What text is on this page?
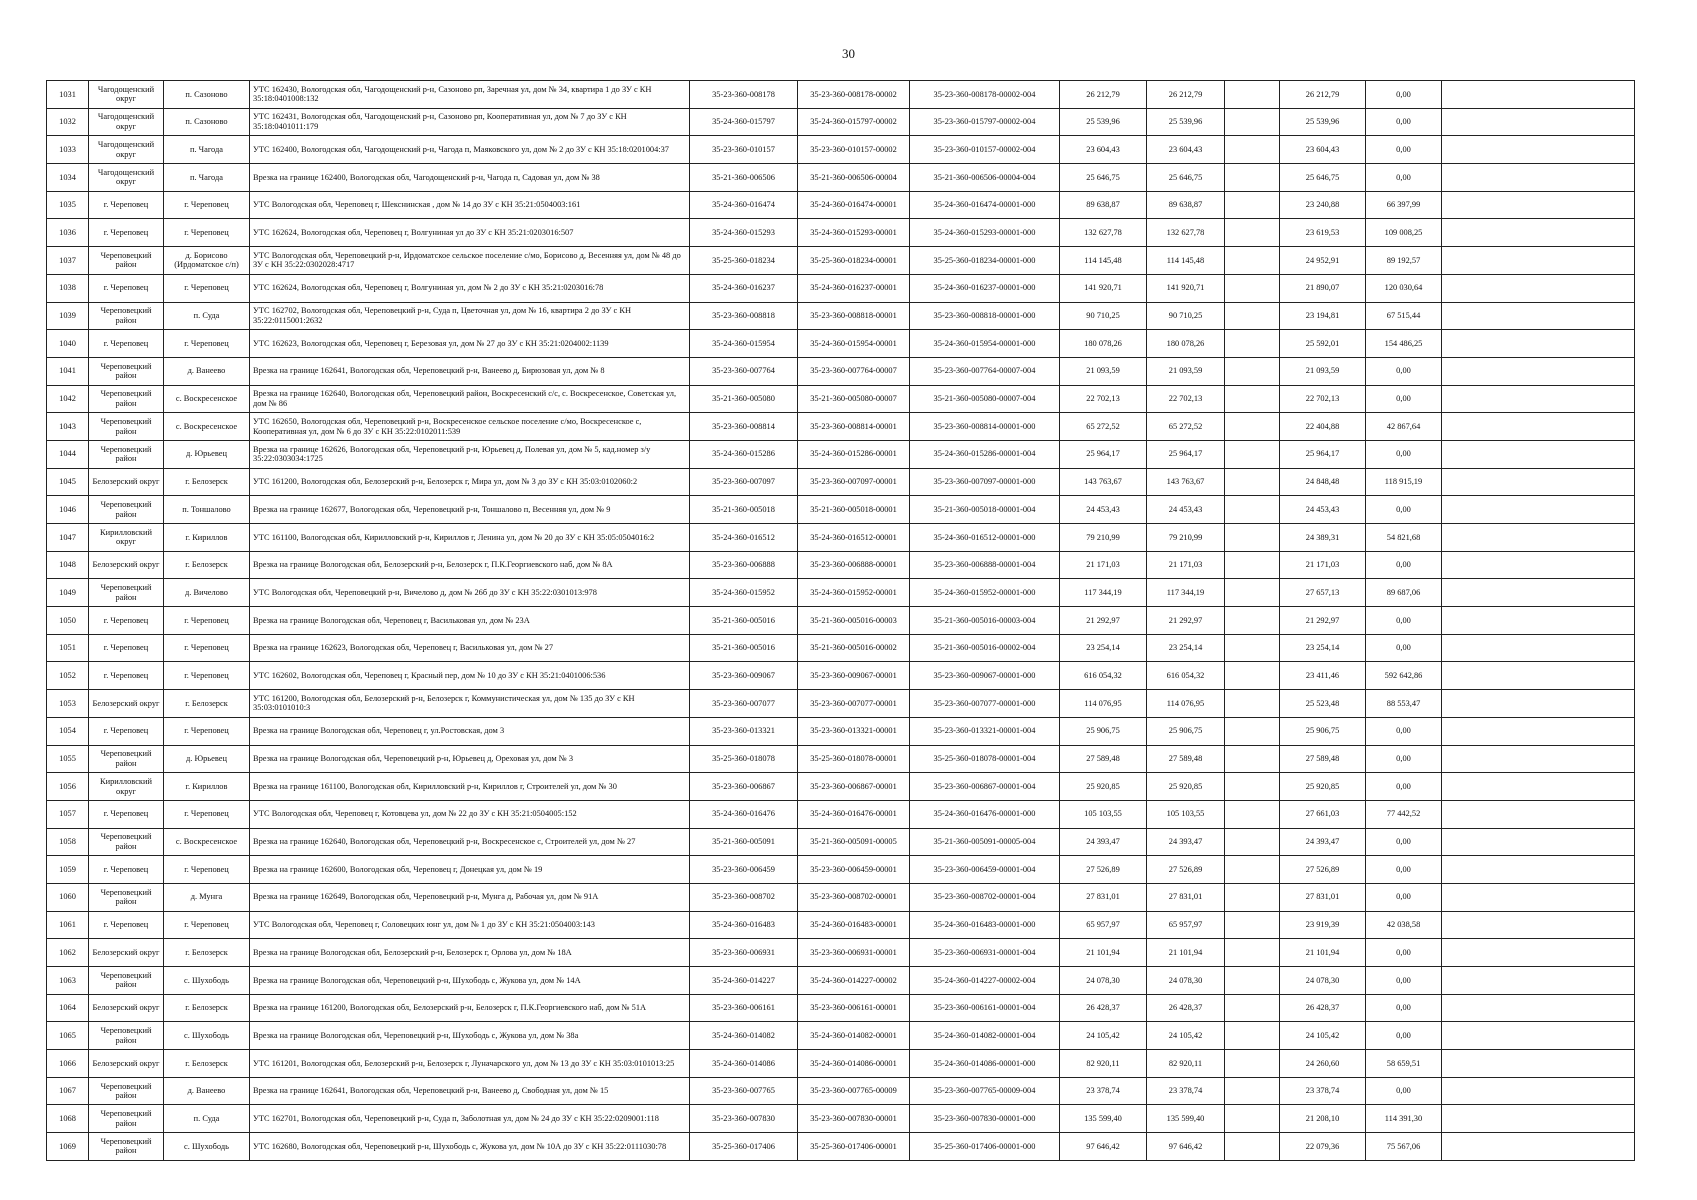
30
1031	Чагодощенский округ	п. Сазоново	УТС 162430, Вологодская обл, Чагодощенский р-н, Сазоново рп, Заречная ул, дом № 34, квартира 1 до ЗУ с КН 35:18:0401008:132	35-23-360-008178	35-23-360-008178-00002	35-23-360-008178-00002-004	26 212,79	26 212,79		26 212,79	0,00	
1032	Чагодощенский округ	п. Сазоново	УТС 162431, Вологодская обл, Чагодощенский р-н, Сазоново рп, Кооперативная ул, дом № 7 до ЗУ с КН 35:18:0401011:179	35-24-360-015797	35-24-360-015797-00002	35-23-360-015797-00002-004	25 539,96	25 539,96		25 539,96	0,00	
1033	Чагодощенский округ	п. Чагода	УТС 162400, Вологодская обл, Чагодощенский р-н, Чагода п, Маяковского ул, дом № 2 до ЗУ с КН 35:18:0201004:37	35-23-360-010157	35-23-360-010157-00002	35-23-360-010157-00002-004	23 604,43	23 604,43		23 604,43	0,00	
1034	Чагодощенский округ	п. Чагода	Врезка на границе 162400, Вологодская обл, Чагодощенский р-н, Чагода п, Садовая ул, дом № 38	35-21-360-006506	35-21-360-006506-00004	35-21-360-006506-00004-004	25 646,75	25 646,75		25 646,75	0,00	
1035	г. Череповец	г. Череповец	УТС Вологодская обл, Череповец г, Шекснинская , дом № 14 до ЗУ с КН 35:21:0504003:161	35-24-360-016474	35-24-360-016474-00001	35-24-360-016474-00001-000	89 638,87	89 638,87		23 240,88	66 397,99	
1036	г. Череповец	г. Череповец	УТС 162624, Вологодская обл, Череповец г, Волгуниная ул до ЗУ с КН 35:21:0203016:507	35-24-360-015293	35-24-360-015293-00001	35-24-360-015293-00001-000	132 627,78	132 627,78		23 619,53	109 008,25	
1037	Череповецкий район	д. Борисово (Ирдоматское с/п)	УТС Вологодская обл, Череповецкий р-н, Ирдоматское сельское поселение с/мо, Борисово д, Весенняя ул, дом № 48 до ЗУ с КН 35:22:0302028:4717	35-25-360-018234	35-25-360-018234-00001	35-25-360-018234-00001-000	114 145,48	114 145,48		24 952,91	89 192,57	
1038	г. Череповец	г. Череповец	УТС 162624, Вологодская обл, Череповец г, Волгуниная ул, дом № 2 до ЗУ с КН 35:21:0203016:78	35-24-360-016237	35-24-360-016237-00001	35-24-360-016237-00001-000	141 920,71	141 920,71		21 890,07	120 030,64	
1039	Череповецкий район	п. Суда	УТС 162702, Вологодская обл, Череповецкий р-н, Суда п, Цветочная ул, дом № 16, квартира 2 до ЗУ с КН 35:22:0115001:2632	35-23-360-008818	35-23-360-008818-00001	35-23-360-008818-00001-000	90 710,25	90 710,25		23 194,81	67 515,44	
1040	г. Череповец	г. Череповец	УТС 162623, Вологодская обл, Череповец г, Березовая ул, дом № 27 до ЗУ с КН 35:21:0204002:1139	35-24-360-015954	35-24-360-015954-00001	35-24-360-015954-00001-000	180 078,26	180 078,26		25 592,01	154 486,25	
1041	Череповецкий район	д. Ванеево	Врезка на границе 162641, Вологодская обл, Череповецкий р-н, Ванеево д, Бирюзовая ул, дом № 8	35-23-360-007764	35-23-360-007764-00007	35-23-360-007764-00007-004	21 093,59	21 093,59		21 093,59	0,00	
1042	Череповецкий район	с. Воскресенское	Врезка на границе 162640, Вологодская обл, Череповецкий район, Воскресенский с/с, с. Воскресенское, Советская ул, дом № 86	35-21-360-005080	35-21-360-005080-00007	35-21-360-005080-00007-004	22 702,13	22 702,13		22 702,13	0,00	
1043	Череповецкий район	с. Воскресенское	УТС 162650, Вологодская обл, Череповецкий р-н, Воскресенское сельское поселение с/мо, Воскресенское с, Кооперативная ул, дом № 6 до ЗУ с КН 35:22:0102011:539	35-23-360-008814	35-23-360-008814-00001	35-23-360-008814-00001-000	65 272,52	65 272,52		22 404,88	42 867,64	
1044	Череповецкий район	д. Юрьевец	Врезка на границе 162626, Вологодская обл, Череповецкий р-н, Юрьевец д, Полевая ул, дом № 5, кад.номер з/у 35:22:0303034:1725	35-24-360-015286	35-24-360-015286-00001	35-24-360-015286-00001-004	25 964,17	25 964,17		25 964,17	0,00	
1045	Белозерский округ	г. Белозерск	УТС 161200, Вологодская обл, Белозерский р-н, Белозерск г, Мира ул, дом № 3 до ЗУ с КН 35:03:0102060:2	35-23-360-007097	35-23-360-007097-00001	35-23-360-007097-00001-000	143 763,67	143 763,67		24 848,48	118 915,19	
1046	Череповецкий район	п. Тоншалово	Врезка на границе 162677, Вологодская обл, Череповецкий р-н, Тоншалово п, Весенняя ул, дом № 9	35-21-360-005018	35-21-360-005018-00001	35-21-360-005018-00001-004	24 453,43	24 453,43		24 453,43	0,00	
1047	Кирилловский округ	г. Кириллов	УТС 161100, Вологодская обл, Кирилловский р-н, Кириллов г, Ленина ул, дом № 20 до ЗУ с КН 35:05:0504016:2	35-24-360-016512	35-24-360-016512-00001	35-24-360-016512-00001-000	79 210,99	79 210,99		24 389,31	54 821,68	
1048	Белозерский округ	г. Белозерск	Врезка на границе Вологодская обл, Белозерский р-н, Белозерск г, П.К.Георгиевского наб, дом № 8А	35-23-360-006888	35-23-360-006888-00001	35-23-360-006888-00001-004	21 171,03	21 171,03		21 171,03	0,00	
1049	Череповецкий район	д. Вичелово	УТС Вологодская обл, Череповецкий р-н, Вичелово д, дом № 26б до ЗУ с КН 35:22:0301013:978	35-24-360-015952	35-24-360-015952-00001	35-24-360-015952-00001-000	117 344,19	117 344,19		27 657,13	89 687,06	
1050	г. Череповец	г. Череповец	Врезка на границе Вологодская обл, Череповец г, Васильковая ул, дом № 23А	35-21-360-005016	35-21-360-005016-00003	35-21-360-005016-00003-004	21 292,97	21 292,97		21 292,97	0,00	
1051	г. Череповец	г. Череповец	Врезка на границе 162623, Вологодская обл, Череповец г, Васильковая ул, дом № 27	35-21-360-005016	35-21-360-005016-00002	35-21-360-005016-00002-004	23 254,14	23 254,14		23 254,14	0,00	
1052	г. Череповец	г. Череповец	УТС 162602, Вологодская обл, Череповец г, Красный пер, дом № 10 до ЗУ с КН 35:21:0401006:536	35-23-360-009067	35-23-360-009067-00001	35-23-360-009067-00001-000	616 054,32	616 054,32		23 411,46	592 642,86	
1053	Белозерский округ	г. Белозерск	УТС 161200, Вологодская обл, Белозерский р-н, Белозерск г, Коммунистическая ул, дом № 135 до ЗУ с КН 35:03:0101010:3	35-23-360-007077	35-23-360-007077-00001	35-23-360-007077-00001-000	114 076,95	114 076,95		25 523,48	88 553,47	
1054	г. Череповец	г. Череповец	Врезка на границе Вологодская обл, Череповец г, ул.Ростовская, дом 3	35-23-360-013321	35-23-360-013321-00001	35-23-360-013321-00001-004	25 906,75	25 906,75		25 906,75	0,00	
1055	Череповецкий район	д. Юрьевец	Врезка на границе Вологодская обл, Череповецкий р-н, Юрьевец д, Ореховая ул, дом № 3	35-25-360-018078	35-25-360-018078-00001	35-25-360-018078-00001-004	27 589,48	27 589,48		27 589,48	0,00	
1056	Кирилловский округ	г. Кириллов	Врезка на границе 161100, Вологодская обл, Кирилловский р-н, Кириллов г, Строителей ул, дом № 30	35-23-360-006867	35-23-360-006867-00001	35-23-360-006867-00001-004	25 920,85	25 920,85		25 920,85	0,00	
1057	г. Череповец	г. Череповец	УТС Вологодская обл, Череповец г, Котовцева ул, дом № 22 до ЗУ с КН 35:21:0504005:152	35-24-360-016476	35-24-360-016476-00001	35-24-360-016476-00001-000	105 103,55	105 103,55		27 661,03	77 442,52	
1058	Череповецкий район	с. Воскресенское	Врезка на границе 162640, Вологодская обл, Череповецкий р-н, Воскресенское с, Строителей ул, дом № 27	35-21-360-005091	35-21-360-005091-00005	35-21-360-005091-00005-004	24 393,47	24 393,47		24 393,47	0,00	
1059	г. Череповец	г. Череповец	Врезка на границе 162600, Вологодская обл, Череповец г, Донецкая ул, дом № 19	35-23-360-006459	35-23-360-006459-00001	35-23-360-006459-00001-004	27 526,89	27 526,89		27 526,89	0,00	
1060	Череповецкий район	д. Мунга	Врезка на границе 162649, Вологодская обл, Череповецкий р-н, Мунга д, Рабочая ул, дом № 91А	35-23-360-008702	35-23-360-008702-00001	35-23-360-008702-00001-004	27 831,01	27 831,01		27 831,01	0,00	
1061	г. Череповец	г. Череповец	УТС Вологодская обл, Череповец г, Соловецких юнг ул, дом № 1 до ЗУ с КН 35:21:0504003:143	35-24-360-016483	35-24-360-016483-00001	35-24-360-016483-00001-000	65 957,97	65 957,97		23 919,39	42 038,58	
1062	Белозерский округ	г. Белозерск	Врезка на границе Вологодская обл, Белозерский р-н, Белозерск г, Орлова ул, дом № 18А	35-23-360-006931	35-23-360-006931-00001	35-23-360-006931-00001-004	21 101,94	21 101,94		21 101,94	0,00	
1063	Череповецкий район	с. Шухободь	Врезка на границе Вологодская обл, Череповецкий р-н, Шухободь с, Жукова ул, дом № 14А	35-24-360-014227	35-24-360-014227-00002	35-24-360-014227-00002-004	24 078,30	24 078,30		24 078,30	0,00	
1064	Белозерский округ	г. Белозерск	Врезка на границе 161200, Вологодская обл, Белозерский р-н, Белозерск г, П.К.Георгиевского наб, дом № 51А	35-23-360-006161	35-23-360-006161-00001	35-23-360-006161-00001-004	26 428,37	26 428,37		26 428,37	0,00	
1065	Череповецкий район	с. Шухободь	Врезка на границе Вологодская обл, Череповецкий р-н, Шухободь с, Жукова ул, дом № 38а	35-24-360-014082	35-24-360-014082-00001	35-24-360-014082-00001-004	24 105,42	24 105,42		24 105,42	0,00	
1066	Белозерский округ	г. Белозерск	УТС 161201, Вологодская обл, Белозерский р-н, Белозерск г, Луначарского ул, дом № 13 до ЗУ с КН 35:03:0101013:25	35-24-360-014086	35-24-360-014086-00001	35-24-360-014086-00001-000	82 920,11	82 920,11		24 260,60	58 659,51	
1067	Череповецкий район	д. Ванеево	Врезка на границе 162641, Вологодская обл, Череповецкий р-н, Ванеево д, Свободная ул, дом № 15	35-23-360-007765	35-23-360-007765-00009	35-23-360-007765-00009-004	23 378,74	23 378,74		23 378,74	0,00	
1068	Череповецкий район	п. Суда	УТС 162701, Вологодская обл, Череповецкий р-н, Суда п, Заболотная ул, дом № 24 до ЗУ с КН 35:22:0209001:118	35-23-360-007830	35-23-360-007830-00001	35-23-360-007830-00001-000	135 599,40	135 599,40		21 208,10	114 391,30	
1069	Череповецкий район	с. Шухободь	УТС 162680, Вологодская обл, Череповецкий р-н, Шухободь с, Жукова ул, дом № 10А до ЗУ с КН 35:22:0111030:78	35-25-360-017406	35-25-360-017406-00001	35-25-360-017406-00001-000	97 646,42	97 646,42		22 079,36	75 567,06	
